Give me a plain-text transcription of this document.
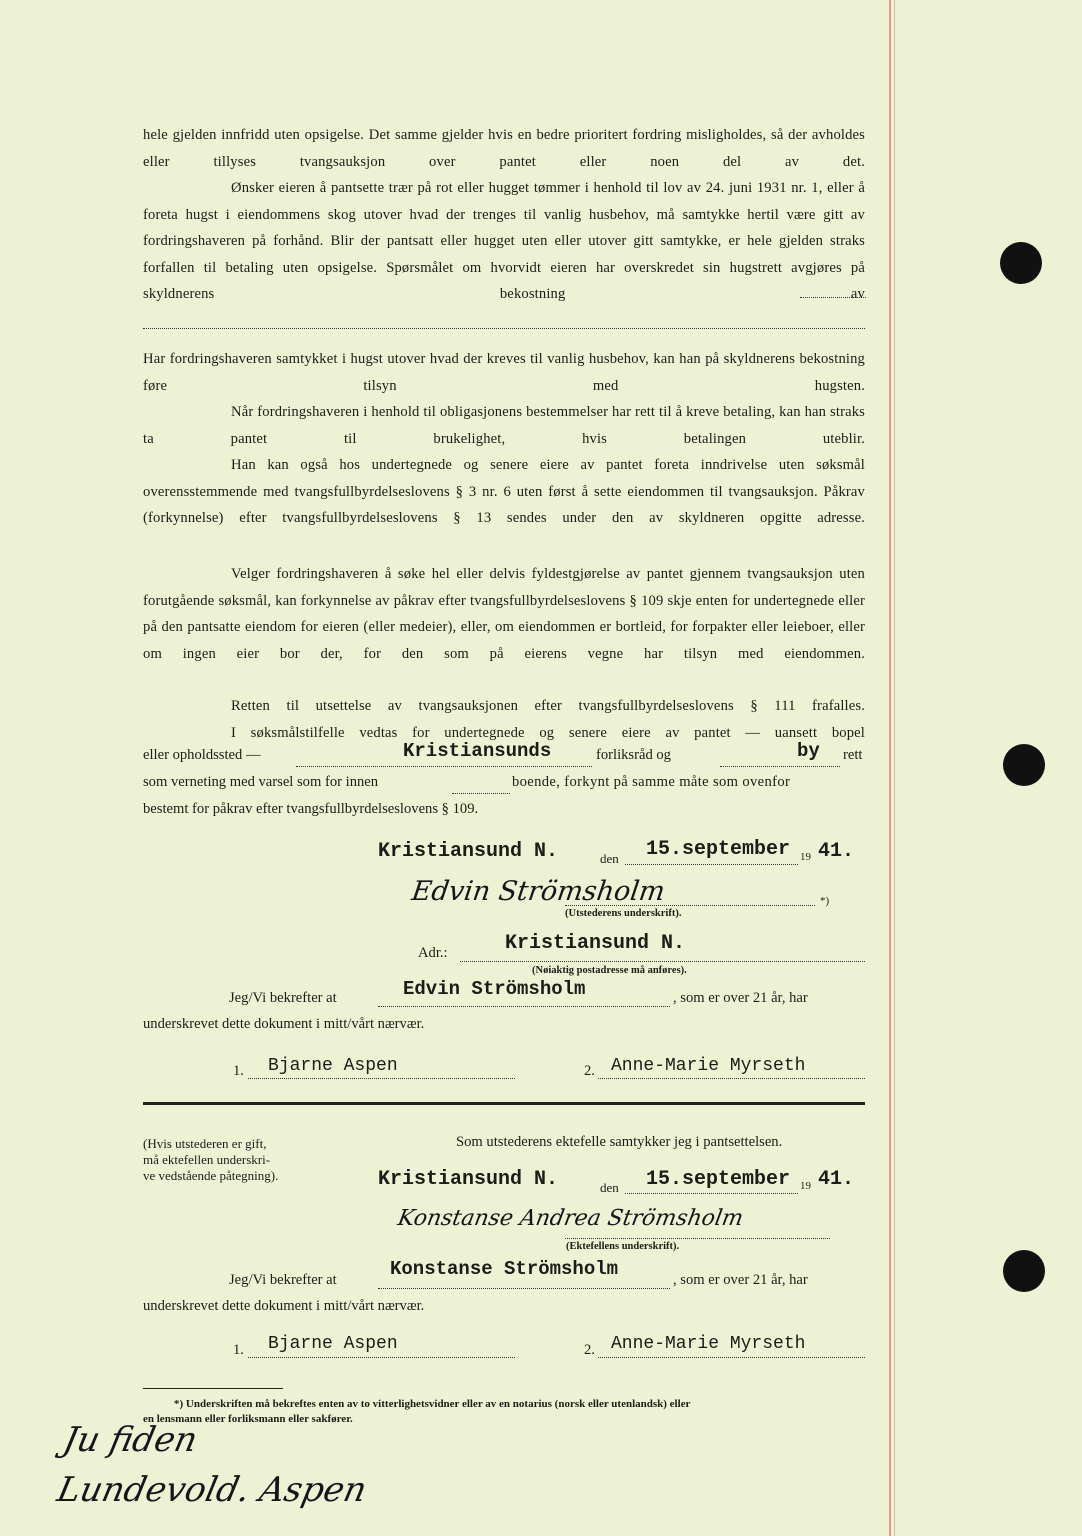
hele gjelden innfridd uten opsigelse. Det samme gjelder hvis en bedre prioritert fordring misligholdes, så der avholdes eller tillyses tvangsauksjon over pantet eller noen del av det.
Ønsker eieren å pantsette trær på rot eller hugget tømmer i henhold til lov av 24. juni 1931 nr. 1, eller å foreta hugst i eiendommens skog utover hvad der trenges til vanlig husbehov, må samtykke hertil være gitt av fordringshaveren på forhånd. Blir der pantsatt eller hugget uten eller utover gitt samtykke, er hele gjelden straks forfallen til betaling uten opsigelse. Spørsmålet om hvorvidt eieren har overskredet sin hugstrett avgjøres på skyldnerens bekostning av
Har fordringshaveren samtykket i hugst utover hvad der kreves til vanlig husbehov, kan han på skyldnerens bekostning føre tilsyn med hugsten.
Når fordringshaveren i henhold til obligasjonens bestemmelser har rett til å kreve betaling, kan han straks ta pantet til brukelighet, hvis betalingen uteblir.
Han kan også hos undertegnede og senere eiere av pantet foreta inndrivelse uten søksmål overensstemmende med tvangsfullbyrdelseslovens § 3 nr. 6 uten først å sette eiendommen til tvangsauksjon. Påkrav (forkynnelse) efter tvangsfullbyrdelseslovens § 13 sendes under den av skyldneren opgitte adresse.
Velger fordringshaveren å søke hel eller delvis fyldestgjørelse av pantet gjennem tvangsauksjon uten forutgående søksmål, kan forkynnelse av påkrav efter tvangsfullbyrdelseslovens § 109 skje enten for undertegnede eller på den pantsatte eiendom for eieren (eller medeier), eller, om eiendommen er bortleid, for forpakter eller leieboer, eller om ingen eier bor der, for den som på eierens vegne har tilsyn med eiendommen.
Retten til utsettelse av tvangsauksjonen efter tvangsfullbyrdelseslovens § 111 frafalles.
I søksmålstilfelle vedtas for undertegnede og senere eiere av pantet — uansett bopel
eller opholdssted —	Kristiansunds	forliksråd og	by rett
som verneting med varsel som for innen	boende, forkynt på samme måte som ovenfor
bestemt for påkrav efter tvangsfullbyrdelseslovens § 109.
Kristiansund N.	den 15.september 19 41.
Edvin Strömsholm	*)
(Utstederens underskrift).
Adr.:	Kristiansund N.
(Nøiaktig postadresse må anføres).
Jeg/Vi bekrefter at	Edvin Strömsholm	, som er over 21 år, har
underskrevet dette dokument i mitt/vårt nærvær.
1. Bjarne Aspen	2. Anne-Marie Myrseth
(Hvis utstederen er gift,
må ektefellen underskri-
ve vedstående påtegning).
Som utstederens ektefelle samtykker jeg i pantsettelsen.
Kristiansund N.	den 15.september 19 41.
Konstanse Andrea Strömsholm
(Ektefellens underskrift).
Jeg/Vi bekrefter at	Konstanse Strömsholm	, som er over 21 år, har
underskrevet dette dokument i mitt/vårt nærvær.
1. Bjarne Aspen	2. Anne-Marie Myrseth
*) Underskriften må bekreftes enten av to vitterlighetsvidner eller av en notarius (norsk eller utenlandsk) eller
en lensmann eller forliksmann eller sakfører.
Ju fiden
Lundevold. Aspen
